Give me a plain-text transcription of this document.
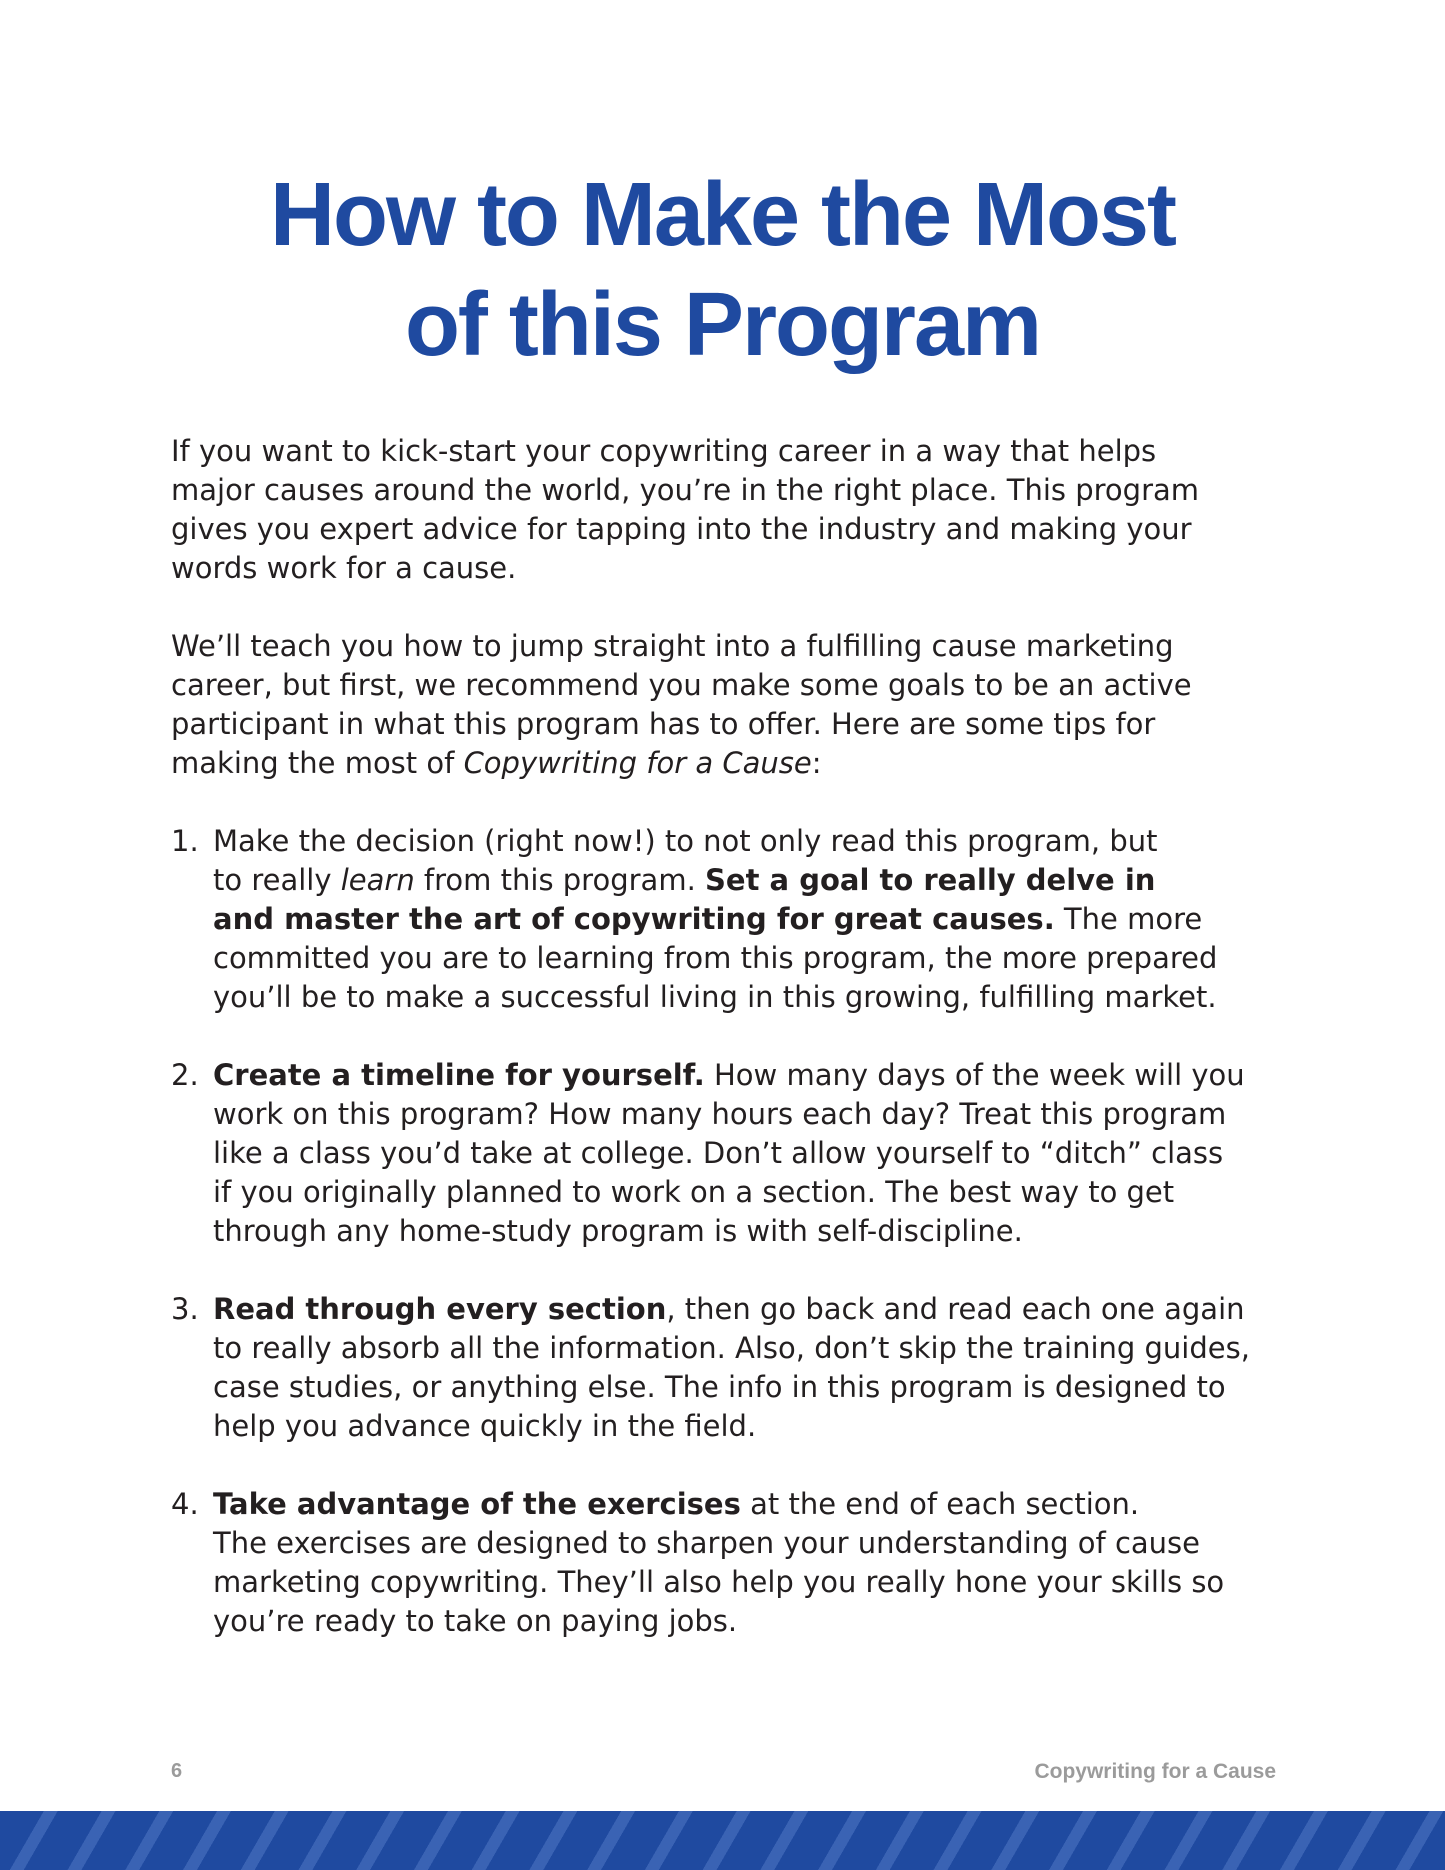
How to Make the Most
of this Program

If you want to kick-start your copywriting career in a way that helps
major causes around the world, you’re in the right place. This program
gives you expert advice for tapping into the industry and making your
words work for a cause.

We’ll teach you how to jump straight into a fulfilling cause marketing
career, but first, we recommend you make some goals to be an active
participant in what this program has to offer. Here are some tips for
making the most of Copywriting for a Cause:

1. Make the decision (right now!) to not only read this program, but
to really learn from this program. Set a goal to really delve in
and master the art of copywriting for great causes. The more
committed you are to learning from this program, the more prepared
you’ll be to make a successful living in this growing, fulfilling market.
2. Create a timeline for yourself. How many days of the week will you
work on this program? How many hours each day? Treat this program
like a class you’d take at college. Don’t allow yourself to “ditch” class
if you originally planned to work on a section. The best way to get
through any home-study program is with self-discipline.
3. Read through every section, then go back and read each one again
to really absorb all the information. Also, don’t skip the training guides,
case studies, or anything else. The info in this program is designed to
help you advance quickly in the field.
4. Take advantage of the exercises at the end of each section.
The exercises are designed to sharpen your understanding of cause
marketing copywriting. They’ll also help you really hone your skills so
you’re ready to take on paying jobs.
6	Copywriting for a Cause
